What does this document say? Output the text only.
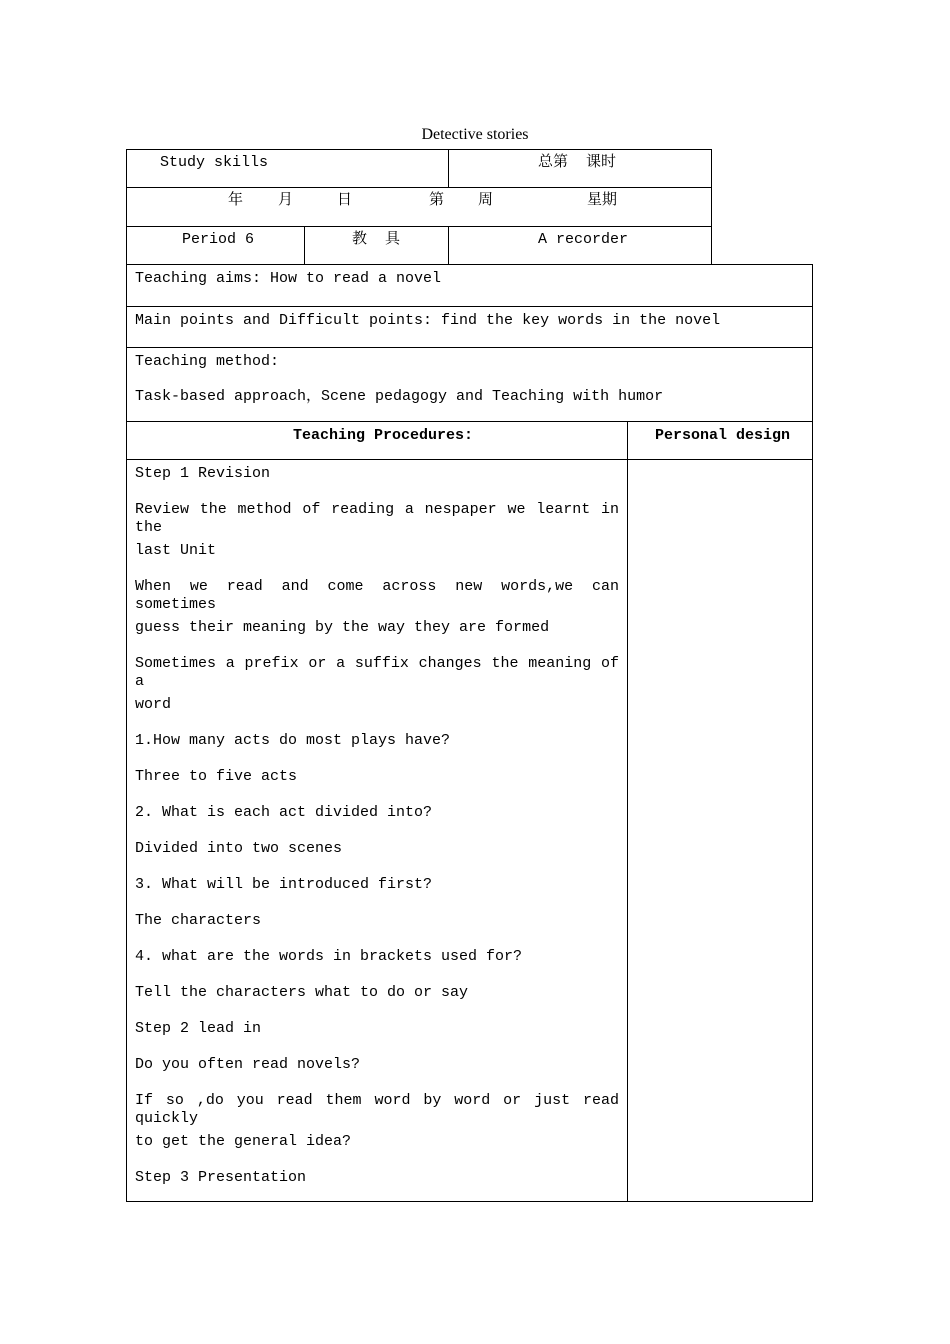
Detective stories
Study skills	总第  课时
年 月	日	第 周	星期
Period 6	教  具	A recorder
Teaching aims: How to read a novel
Main points and Difficult points: find the key words in the novel
Teaching method:
Task-based approach，Scene pedagogy and Teaching with humor
Teaching Procedures:	Personal design
Step 1 Revision
Review the method of reading a nespaper we learnt in the
last Unit
When we read and come across new words,we can sometimes
guess their meaning by the way they are formed
Sometimes a prefix or a suffix changes the meaning of a
word
1.How many acts do most plays have?
Three to five acts
2. What is each act divided into?
Divided into two scenes
3. What will be introduced first?
The characters
4. what are the words in brackets used for?
Tell the characters what to do or say
Step 2 lead in
Do you often read novels?
If so ,do you read them word by word or just read quickly
to get the general idea?
Step 3 Presentation
